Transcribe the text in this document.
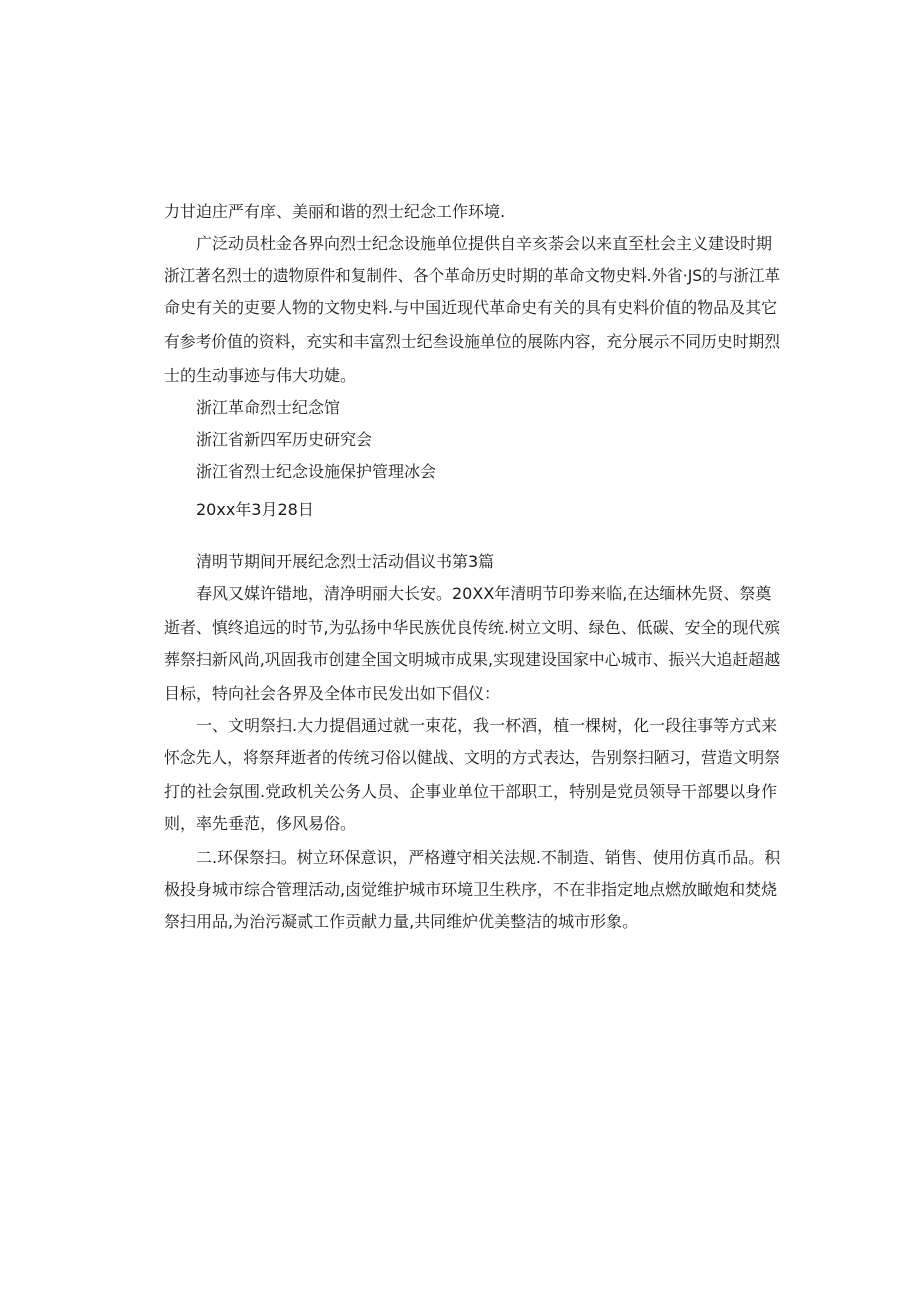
力甘迫庄严有庠、美丽和谐的烈士纪念工作环境.
广泛动员杜金各界向烈士纪念设施单位提供自辛亥荼会以来直至杜会主义建设时期
浙江著名烈士的遗物原件和复制件、各个革命历史时期的革命文物史料.外省·JS的与浙江革
命史有关的吏要人物的文物史料.与中国近现代革命史有关的具有史料价值的物品及其它
有参考价值的资料，充实和丰富烈士纪叁设施单位的展陈内容，充分展示不同历史时期烈
士的生动事迹与伟大功婕。
浙江革命烈士纪念馆
浙江省新四军历史研究会
浙江省烈士纪念设施保护管理冰会
20xx年3月28日
清明节期间开展纪念烈士活动倡议书第3篇
春风又媒许错地，清净明丽大长安。20XX年清明节印劵来临,在达缅林先贤、祭奠
逝者、慎终追远的时节,为弘扬中华民族优良传统.树立文明、绿色、低碳、安全的现代殡
葬祭扫新风尚,巩固我市创建全国文明城市成果,实现建设国家中心城市、振兴大追赶超越
目标，特向社会各界及全体市民发出如下倡仪：
一、文明祭扫.大力提倡通过就一束花，我一杯酒，植一棵树，化一段往事等方式来
怀念先人，将祭拜逝者的传统习俗以健战、文明的方式表达，告别祭扫陋习，营造文明祭
打的社会氛围.党政机关公务人员、企事业单位干部职工，特别是党员领导干部嬰以身作
则，率先垂范，侈风易俗。
二.环保祭扫。树立环保意识，严格遵守相关法规.不制造、销售、使用仿真币品。积
极投身城市综合管理活动,卤觉维护城市环境卫生秩序，不在非指定地点燃放瞰炮和焚烧
祭扫用品,为治污凝贰工作贡献力量,共同维炉优美整洁的城市形象。
